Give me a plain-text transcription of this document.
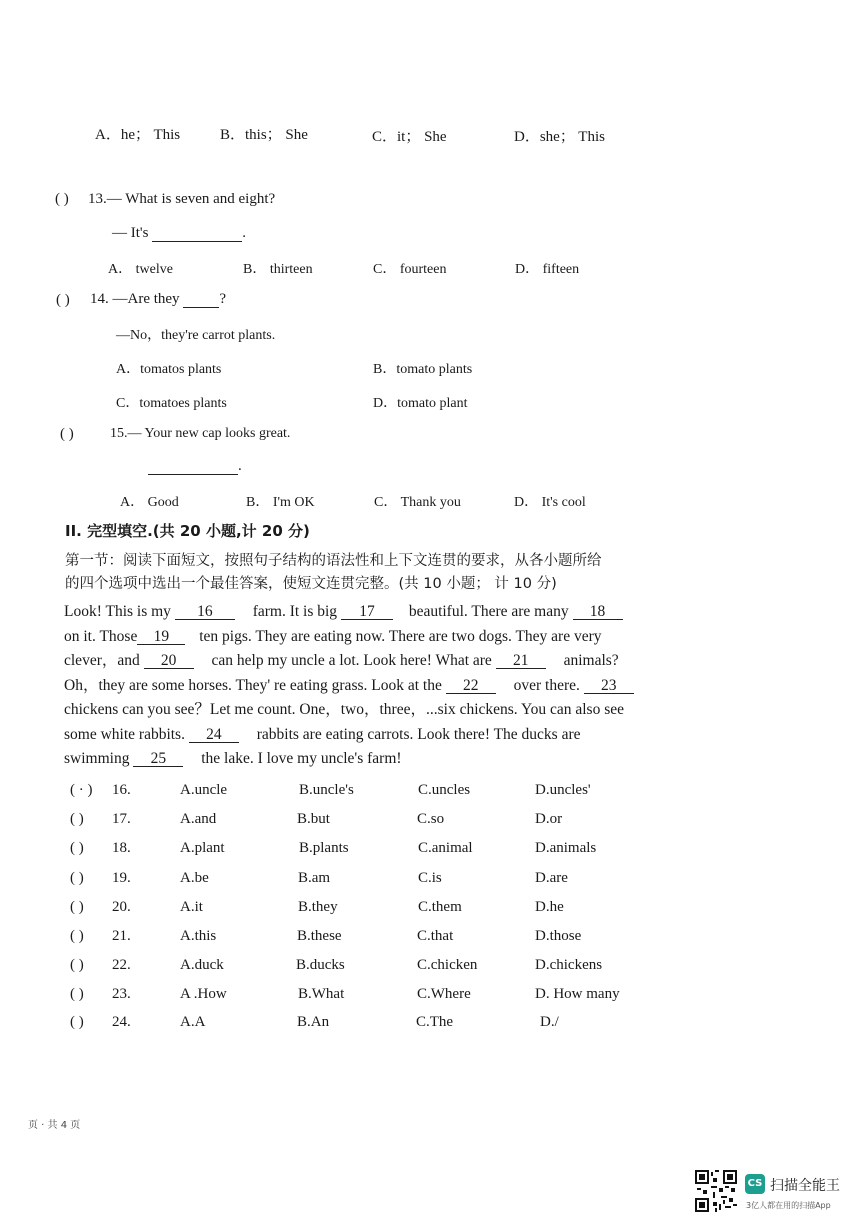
A．he； This	B．this； She	C．it； She	D．she； This
( ) 13.— What is seven and eight?
— It's	.
A． twelve	B． thirteen	C． fourteen	D． fifteen
( ) 14. —Are they	?
—No，they're carrot plants.
A．tomatos plants	B．tomato plants
C．tomatoes plants	D．tomato plant
( )	15.— Your new cap looks great.
.
A． Good	B． I'm OK	C． Thank you	D． It's cool
II. 完型填空.(共 20 小题,计 20 分)
第一节：阅读下面短文，按照句子结构的语法性和上下文连贯的要求，从各小题所给
的四个选项中选出一个最佳答案，使短文连贯完整。(共 10 小题； 计 10 分)
Look! This is my 16 farm. It is big 17 beautiful. There are many 18
on it. Those 19 ten pigs. They are eating now. There are two dogs. They are very
clever，and 20 can help my uncle a lot. Look here! What are 21 animals?
Oh，they are some horses. They' re eating grass. Look at the 22 over there. 23
chickens can you see？Let me count. One，two，three，...six chickens. You can also see
some white rabbits. 24 rabbits are eating carrots. Look there! The ducks are
swimming 25 the lake. I love my uncle's farm!
( · ) 16.	A.uncle	B.uncle's	C.uncles	D.uncles'
( ) 17.	A.and	B.but	C.so	D.or
( ) 18.	A.plant	B.plants	C.animal	D.animals
( ) 19.	A.be	B.am	C.is	D.are
( ) 20.	A.it	B.they	C.them	D.he
( ) 21.	A.this	B.these	C.that	D.those
( ) 22.	A.duck	B.ducks	C.chicken	D.chickens
( ) 23.	A .How	B.What	C.Where	D. How many
( ) 24.	A.A	B.An	C.The	D./
页 · 共 4 页
CS 扫描全能王
3亿人都在用的扫描App
